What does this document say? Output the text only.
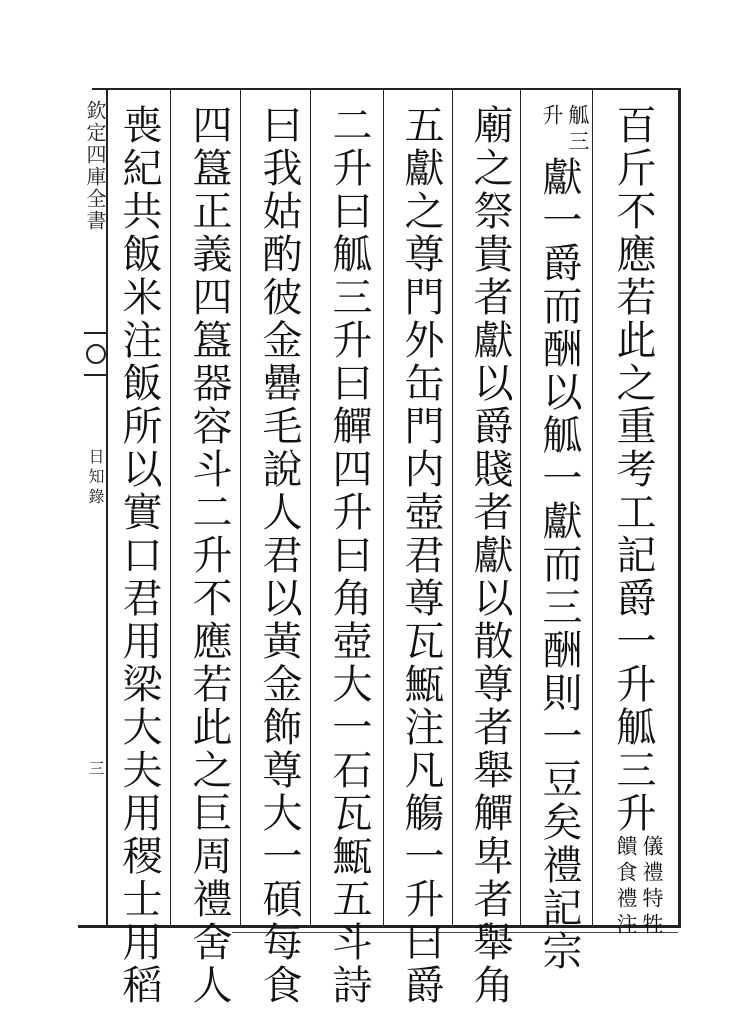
欽定四庫全書
日知錄
三	百斤不應若此之重考工記爵一升觚三升
儀禮特牲
饋食禮注
觚三
升
獻一爵而酬以觚一獻而三酬則一豆矣禮記宗
廟之祭貴者獻以爵賤者獻以散尊者舉觶卑者舉角
五獻之尊門外缶門内壺君尊瓦甒注凡觴一升曰爵
二升曰觚三升曰觶四升曰角壺大一石瓦甒五斗詩
曰我姑酌彼金罍毛說人君以黃金飾尊大一碩每食
四簋正義四簋器容斗二升不應若此之巨周禮舍人
喪紀共飯米注飯所以實口君用梁大夫用稷士用稻
